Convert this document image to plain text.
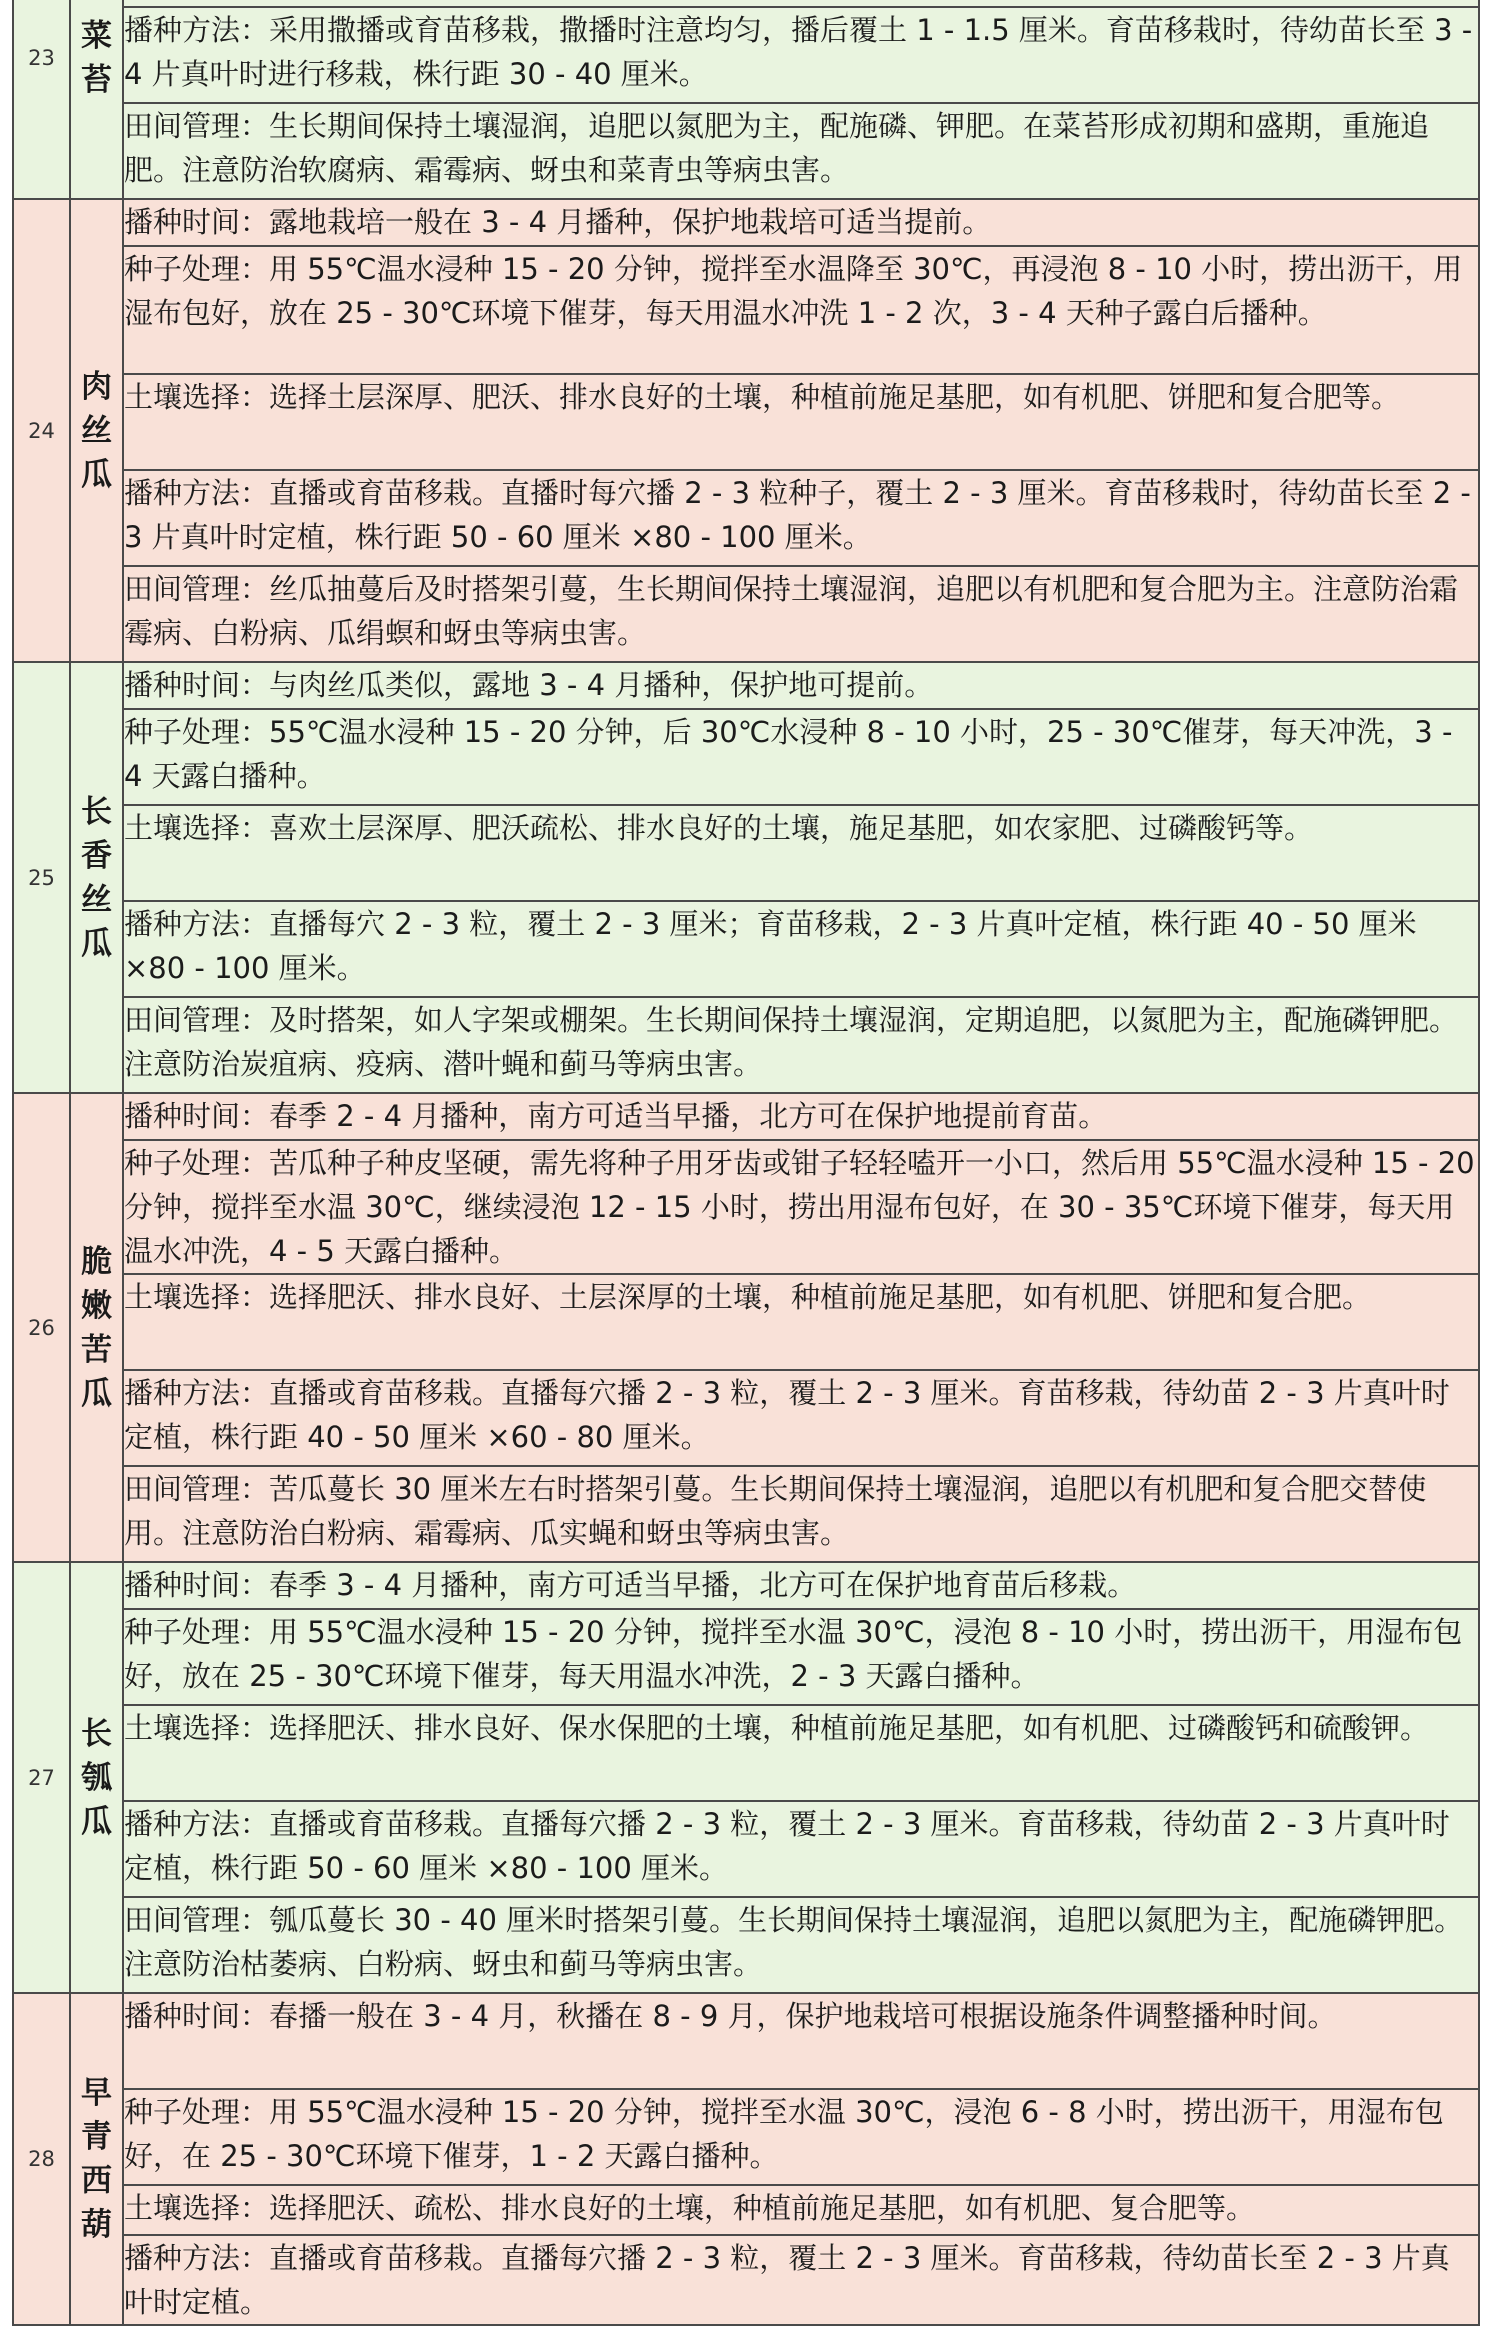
23	菜苔

		播种方法：采用撒播或育苗移栽，撒播时注意均匀，播后覆土 1 - 1.5 厘米。育苗移栽时，待幼苗长至 3 - 4 片真叶时进行移栽，株行距 30 - 40 厘米。
		田间管理：生长期间保持土壤湿润，追肥以氮肥为主，配施磷、钾肥。在菜苔形成初期和盛期，重施追肥。注意防治软腐病、霜霉病、蚜虫和菜青虫等病虫害。
24	肉丝瓜	播种时间：露地栽培一般在 3 - 4 月播种，保护地栽培可适当提前。
		种子处理：用 55℃温水浸种 15 - 20 分钟，搅拌至水温降至 30℃，再浸泡 8 - 10 小时，捞出沥干，用湿布包好，放在 25 - 30℃环境下催芽，每天用温水冲洗 1 - 2 次，3 - 4 天种子露白后播种。
		土壤选择：选择土层深厚、肥沃、排水良好的土壤，种植前施足基肥，如有机肥、饼肥和复合肥等。
		播种方法：直播或育苗移栽。直播时每穴播 2 - 3 粒种子，覆土 2 - 3 厘米。育苗移栽时，待幼苗长至 2 - 3 片真叶时定植，株行距 50 - 60 厘米 ×80 - 100 厘米。
		田间管理：丝瓜抽蔓后及时搭架引蔓，生长期间保持土壤湿润，追肥以有机肥和复合肥为主。注意防治霜霉病、白粉病、瓜绢螟和蚜虫等病虫害。
25	长香丝瓜	播种时间：与肉丝瓜类似，露地 3 - 4 月播种，保护地可提前。
		种子处理：55℃温水浸种 15 - 20 分钟，后 30℃水浸种 8 - 10 小时，25 - 30℃催芽，每天冲洗，3 - 4 天露白播种。
		土壤选择：喜欢土层深厚、肥沃疏松、排水良好的土壤，施足基肥，如农家肥、过磷酸钙等。
		播种方法：直播每穴 2 - 3 粒，覆土 2 - 3 厘米；育苗移栽，2 - 3 片真叶定植，株行距 40 - 50 厘米 ×80 - 100 厘米。
		田间管理：及时搭架，如人字架或棚架。生长期间保持土壤湿润，定期追肥，以氮肥为主，配施磷钾肥。注意防治炭疽病、疫病、潜叶蝇和蓟马等病虫害。
26	脆嫩苦瓜	播种时间：春季 2 - 4 月播种，南方可适当早播，北方可在保护地提前育苗。
		种子处理：苦瓜种子种皮坚硬，需先将种子用牙齿或钳子轻轻嗑开一小口，然后用 55℃温水浸种 15 - 20 分钟，搅拌至水温 30℃，继续浸泡 12 - 15 小时，捞出用湿布包好，在 30 - 35℃环境下催芽，每天用温水冲洗，4 - 5 天露白播种。
		土壤选择：选择肥沃、排水良好、土层深厚的土壤，种植前施足基肥，如有机肥、饼肥和复合肥。
		播种方法：直播或育苗移栽。直播每穴播 2 - 3 粒，覆土 2 - 3 厘米。育苗移栽，待幼苗 2 - 3 片真叶时定植，株行距 40 - 50 厘米 ×60 - 80 厘米。
		田间管理：苦瓜蔓长 30 厘米左右时搭架引蔓。生长期间保持土壤湿润，追肥以有机肥和复合肥交替使用。注意防治白粉病、霜霉病、瓜实蝇和蚜虫等病虫害。
27	长瓠瓜	播种时间：春季 3 - 4 月播种，南方可适当早播，北方可在保护地育苗后移栽。
		种子处理：用 55℃温水浸种 15 - 20 分钟，搅拌至水温 30℃，浸泡 8 - 10 小时，捞出沥干，用湿布包好，放在 25 - 30℃环境下催芽，每天用温水冲洗，2 - 3 天露白播种。
		土壤选择：选择肥沃、排水良好、保水保肥的土壤，种植前施足基肥，如有机肥、过磷酸钙和硫酸钾。
		播种方法：直播或育苗移栽。直播每穴播 2 - 3 粒，覆土 2 - 3 厘米。育苗移栽，待幼苗 2 - 3 片真叶时定植，株行距 50 - 60 厘米 ×80 - 100 厘米。
		田间管理：瓠瓜蔓长 30 - 40 厘米时搭架引蔓。生长期间保持土壤湿润，追肥以氮肥为主，配施磷钾肥。注意防治枯萎病、白粉病、蚜虫和蓟马等病虫害。
28	早青西葫	播种时间：春播一般在 3 - 4 月，秋播在 8 - 9 月，保护地栽培可根据设施条件调整播种时间。
		种子处理：用 55℃温水浸种 15 - 20 分钟，搅拌至水温 30℃，浸泡 6 - 8 小时，捞出沥干，用湿布包好，在 25 - 30℃环境下催芽，1 - 2 天露白播种。
		土壤选择：选择肥沃、疏松、排水良好的土壤，种植前施足基肥，如有机肥、复合肥等。
		播种方法：直播或育苗移栽。直播每穴播 2 - 3 粒，覆土 2 - 3 厘米。育苗移栽，待幼苗长至 2 - 3 片真叶时定植。
